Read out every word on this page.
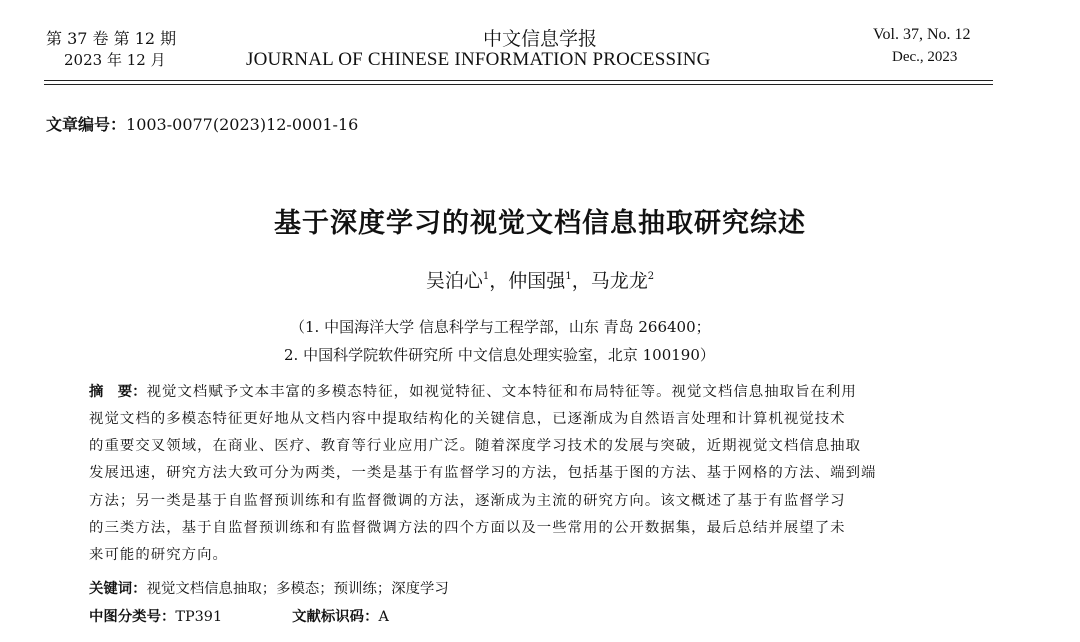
第 37 卷 第 12 期
2023 年 12 月
中文信息学报
JOURNAL OF CHINESE INFORMATION PROCESSING
Vol. 37, No. 12
Dec., 2023
文章编号：1003-0077(2023)12-0001-16
基于深度学习的视觉文档信息抽取研究综述
吴泊心$^1$，仲国强$^1$，马龙龙$^2$
（1. 中国海洋大学 信息科学与工程学部，山东 青岛 266400；
2. 中国科学院软件研究所 中文信息处理实验室，北京 100190）
摘　要：视觉文档赋予文本丰富的多模态特征，如视觉特征、文本特征和布局特征等。视觉文档信息抽取旨在利用
视觉文档的多模态特征更好地从文档内容中提取结构化的关键信息，已逐渐成为自然语言处理和计算机视觉技术
的重要交叉领域，在商业、医疗、教育等行业应用广泛。随着深度学习技术的发展与突破，近期视觉文档信息抽取
发展迅速，研究方法大致可分为两类，一类是基于有监督学习的方法，包括基于图的方法、基于网格的方法、端到端
方法；另一类是基于自监督预训练和有监督微调的方法，逐渐成为主流的研究方向。该文概述了基于有监督学习
的三类方法，基于自监督预训练和有监督微调方法的四个方面以及一些常用的公开数据集，最后总结并展望了未
来可能的研究方向。
关键词：视觉文档信息抽取；多模态；预训练；深度学习
中图分类号：TP391	文献标识码：A
